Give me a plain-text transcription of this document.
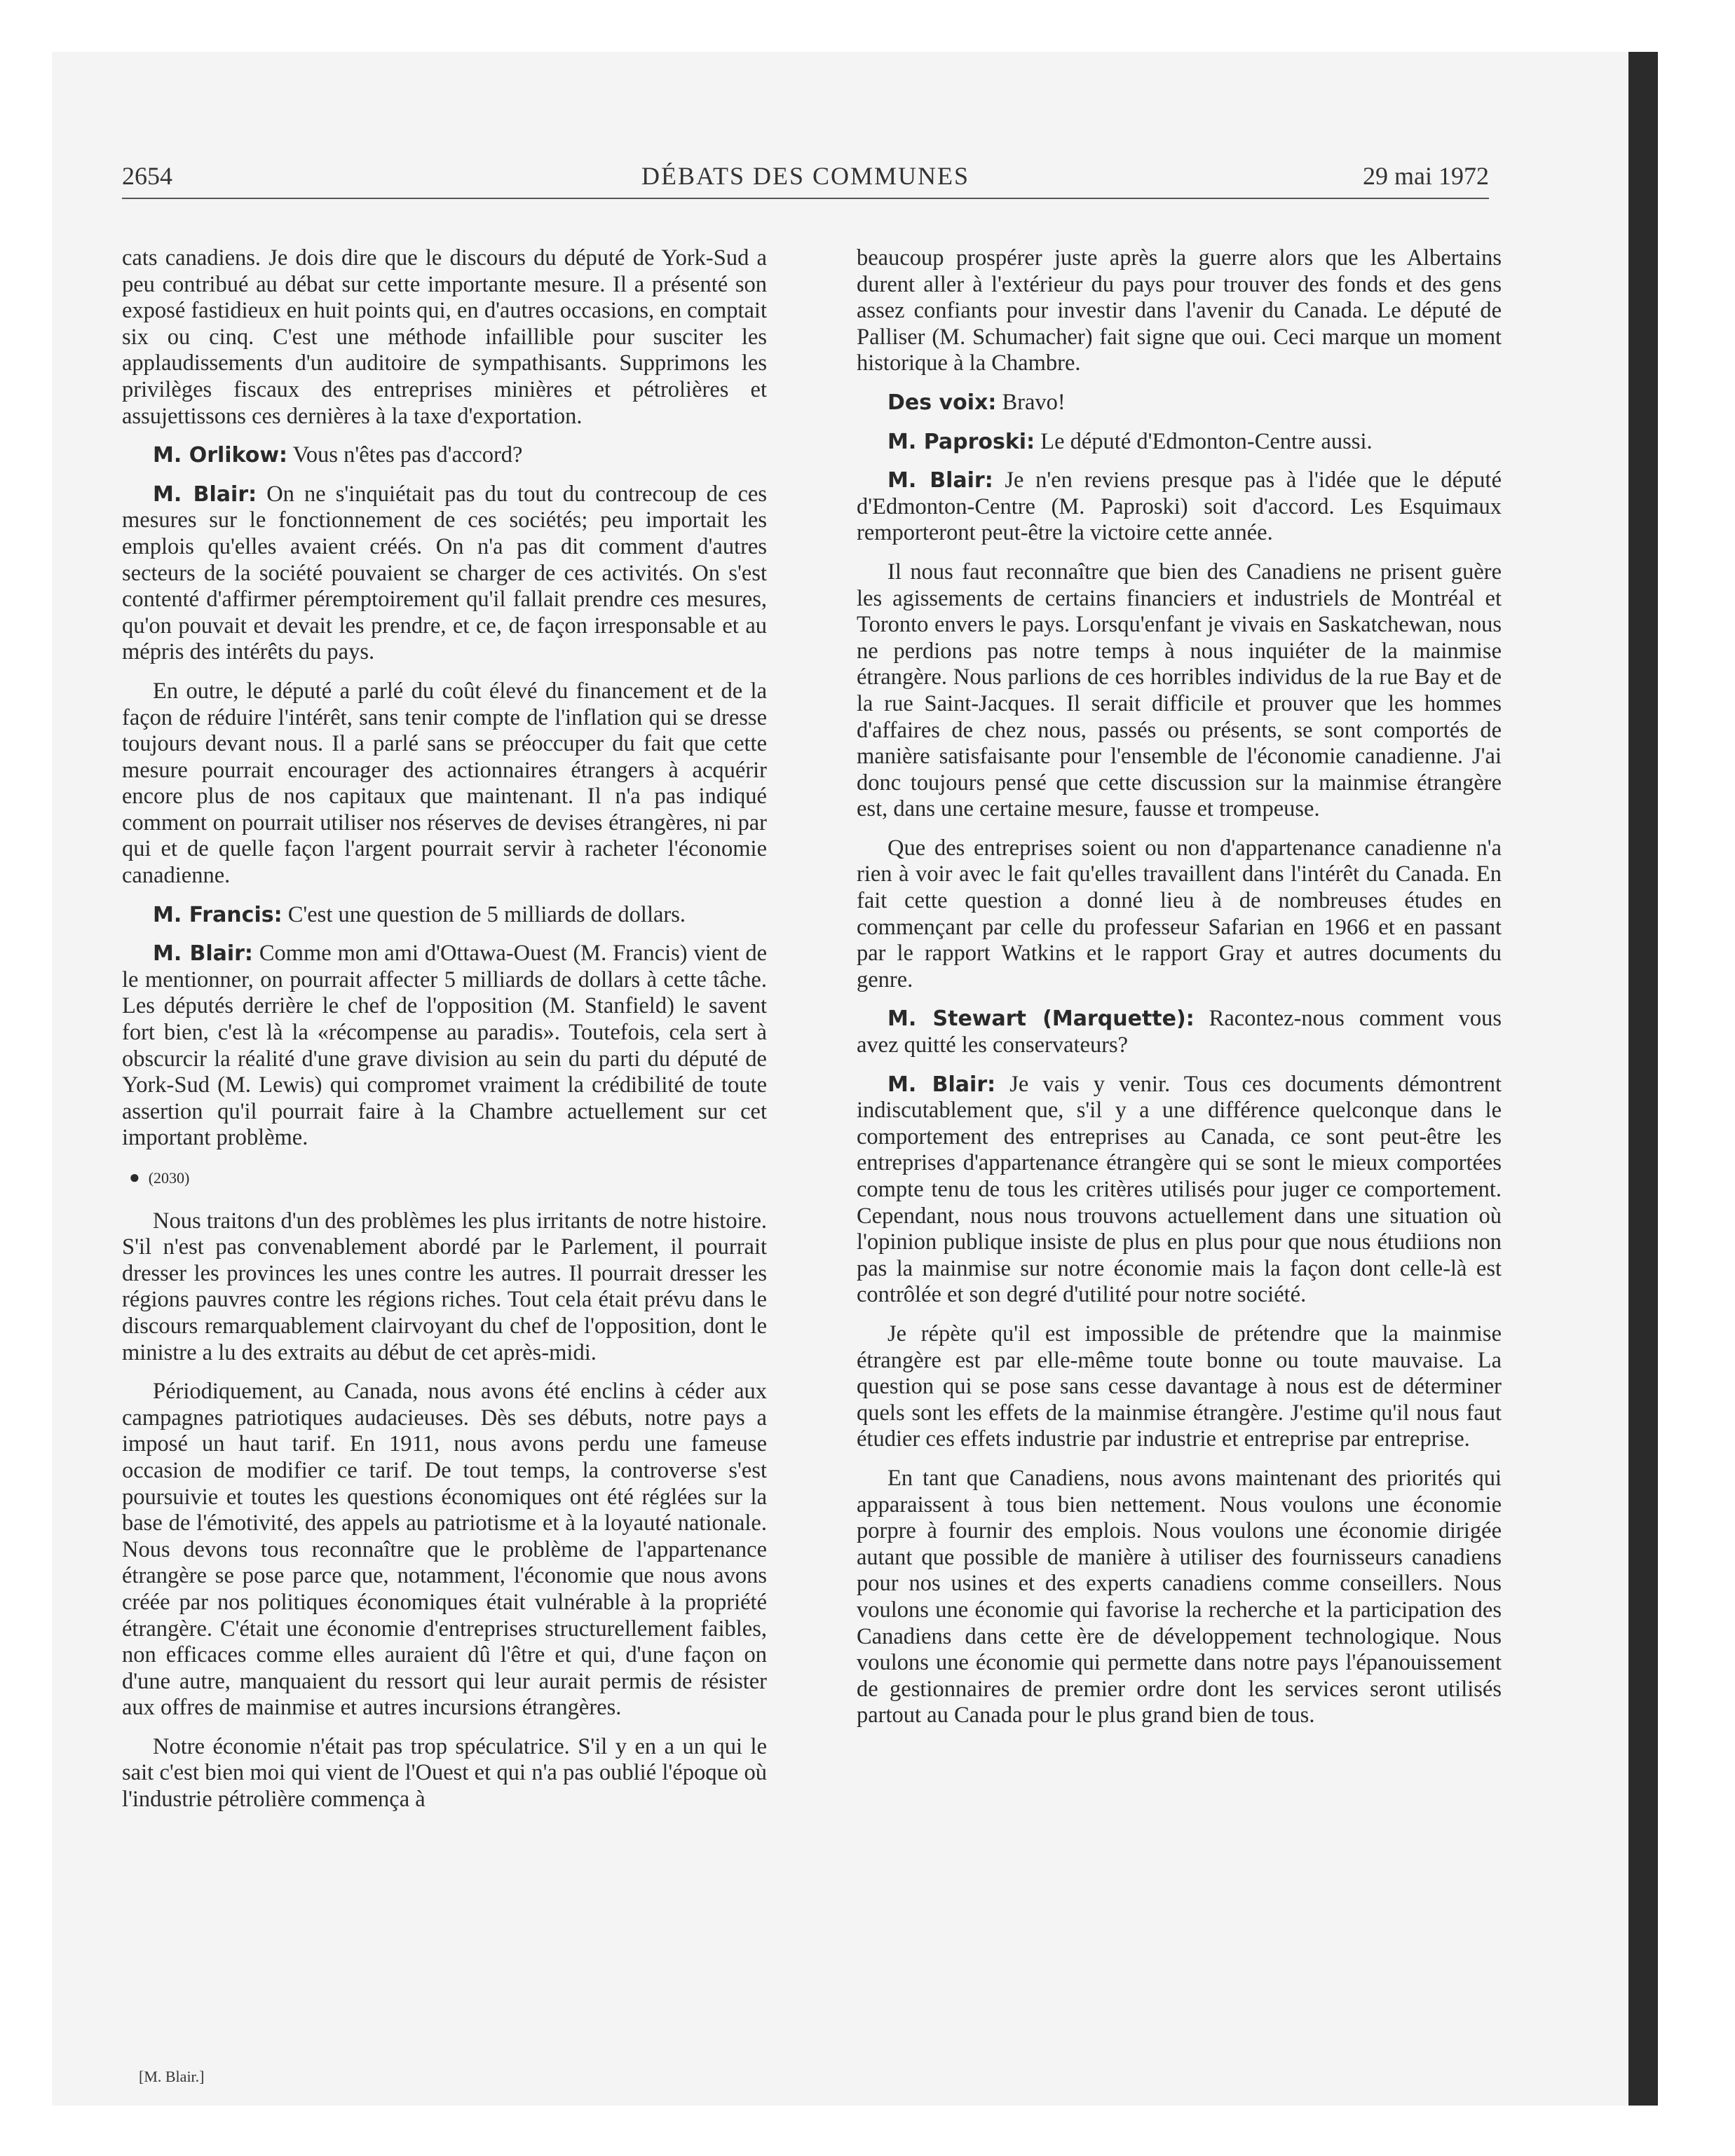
2654	DÉBATS DES COMMUNES	29 mai 1972

cats canadiens. Je dois dire que le discours du député de York-Sud a peu contribué au débat sur cette importante mesure. Il a présenté son exposé fastidieux en huit points qui, en d'autres occasions, en comptait six ou cinq. C'est une méthode infaillible pour susciter les applaudissements d'un auditoire de sympathisants. Supprimons les privilèges fiscaux des entreprises minières et pétrolières et assujettissons ces dernières à la taxe d'exportation.

M. Orlikow: Vous n'êtes pas d'accord?

M. Blair: On ne s'inquiétait pas du tout du contrecoup de ces mesures sur le fonctionnement de ces sociétés; peu importait les emplois qu'elles avaient créés. On n'a pas dit comment d'autres secteurs de la société pouvaient se charger de ces activités. On s'est contenté d'affirmer péremptoirement qu'il fallait prendre ces mesures, qu'on pouvait et devait les prendre, et ce, de façon irresponsable et au mépris des intérêts du pays.

En outre, le député a parlé du coût élevé du financement et de la façon de réduire l'intérêt, sans tenir compte de l'inflation qui se dresse toujours devant nous. Il a parlé sans se préoccuper du fait que cette mesure pourrait encourager des actionnaires étrangers à acquérir encore plus de nos capitaux que maintenant. Il n'a pas indiqué comment on pourrait utiliser nos réserves de devises étrangères, ni par qui et de quelle façon l'argent pourrait servir à racheter l'économie canadienne.

M. Francis: C'est une question de 5 milliards de dollars.

M. Blair: Comme mon ami d'Ottawa-Ouest (M. Francis) vient de le mentionner, on pourrait affecter 5 milliards de dollars à cette tâche. Les députés derrière le chef de l'opposition (M. Stanfield) le savent fort bien, c'est là la «récompense au paradis». Toutefois, cela sert à obscurcir la réalité d'une grave division au sein du parti du député de York-Sud (M. Lewis) qui compromet vraiment la crédibilité de toute assertion qu'il pourrait faire à la Chambre actuellement sur cet important problème.

● (2030)

Nous traitons d'un des problèmes les plus irritants de notre histoire. S'il n'est pas convenablement abordé par le Parlement, il pourrait dresser les provinces les unes contre les autres. Il pourrait dresser les régions pauvres contre les régions riches. Tout cela était prévu dans le discours remarquablement clairvoyant du chef de l'opposition, dont le ministre a lu des extraits au début de cet après-midi.

Périodiquement, au Canada, nous avons été enclins à céder aux campagnes patriotiques audacieuses. Dès ses débuts, notre pays a imposé un haut tarif. En 1911, nous avons perdu une fameuse occasion de modifier ce tarif. De tout temps, la controverse s'est poursuivie et toutes les questions économiques ont été réglées sur la base de l'émotivité, des appels au patriotisme et à la loyauté nationale. Nous devons tous reconnaître que le problème de l'appartenance étrangère se pose parce que, notamment, l'économie que nous avons créée par nos politiques économiques était vulnérable à la propriété étrangère. C'était une économie d'entreprises structurellement faibles, non efficaces comme elles auraient dû l'être et qui, d'une façon on d'une autre, manquaient du ressort qui leur aurait permis de résister aux offres de mainmise et autres incursions étrangères.

Notre économie n'était pas trop spéculatrice. S'il y en a un qui le sait c'est bien moi qui vient de l'Ouest et qui n'a pas oublié l'époque où l'industrie pétrolière commença à

beaucoup prospérer juste après la guerre alors que les Albertains durent aller à l'extérieur du pays pour trouver des fonds et des gens assez confiants pour investir dans l'avenir du Canada. Le député de Palliser (M. Schumacher) fait signe que oui. Ceci marque un moment historique à la Chambre.

Des voix: Bravo!

M. Paproski: Le député d'Edmonton-Centre aussi.

M. Blair: Je n'en reviens presque pas à l'idée que le député d'Edmonton-Centre (M. Paproski) soit d'accord. Les Esquimaux remporteront peut-être la victoire cette année.

Il nous faut reconnaître que bien des Canadiens ne prisent guère les agissements de certains financiers et industriels de Montréal et Toronto envers le pays. Lorsqu'enfant je vivais en Saskatchewan, nous ne perdions pas notre temps à nous inquiéter de la mainmise étrangère. Nous parlions de ces horribles individus de la rue Bay et de la rue Saint-Jacques. Il serait difficile et prouver que les hommes d'affaires de chez nous, passés ou présents, se sont comportés de manière satisfaisante pour l'ensemble de l'économie canadienne. J'ai donc toujours pensé que cette discussion sur la mainmise étrangère est, dans une certaine mesure, fausse et trompeuse.

Que des entreprises soient ou non d'appartenance canadienne n'a rien à voir avec le fait qu'elles travaillent dans l'intérêt du Canada. En fait cette question a donné lieu à de nombreuses études en commençant par celle du professeur Safarian en 1966 et en passant par le rapport Watkins et le rapport Gray et autres documents du genre.

M. Stewart (Marquette): Racontez-nous comment vous avez quitté les conservateurs?

M. Blair: Je vais y venir. Tous ces documents démontrent indiscutablement que, s'il y a une différence quelconque dans le comportement des entreprises au Canada, ce sont peut-être les entreprises d'appartenance étrangère qui se sont le mieux comportées compte tenu de tous les critères utilisés pour juger ce comportement. Cependant, nous nous trouvons actuellement dans une situation où l'opinion publique insiste de plus en plus pour que nous étudiions non pas la mainmise sur notre économie mais la façon dont celle-là est contrôlée et son degré d'utilité pour notre société.

Je répète qu'il est impossible de prétendre que la mainmise étrangère est par elle-même toute bonne ou toute mauvaise. La question qui se pose sans cesse davantage à nous est de déterminer quels sont les effets de la mainmise étrangère. J'estime qu'il nous faut étudier ces effets industrie par industrie et entreprise par entreprise.

En tant que Canadiens, nous avons maintenant des priorités qui apparaissent à tous bien nettement. Nous voulons une économie porpre à fournir des emplois. Nous voulons une économie dirigée autant que possible de manière à utiliser des fournisseurs canadiens pour nos usines et des experts canadiens comme conseillers. Nous voulons une économie qui favorise la recherche et la participation des Canadiens dans cette ère de développement technologique. Nous voulons une économie qui permette dans notre pays l'épanouissement de gestionnaires de premier ordre dont les services seront utilisés partout au Canada pour le plus grand bien de tous.

[M. Blair.]
